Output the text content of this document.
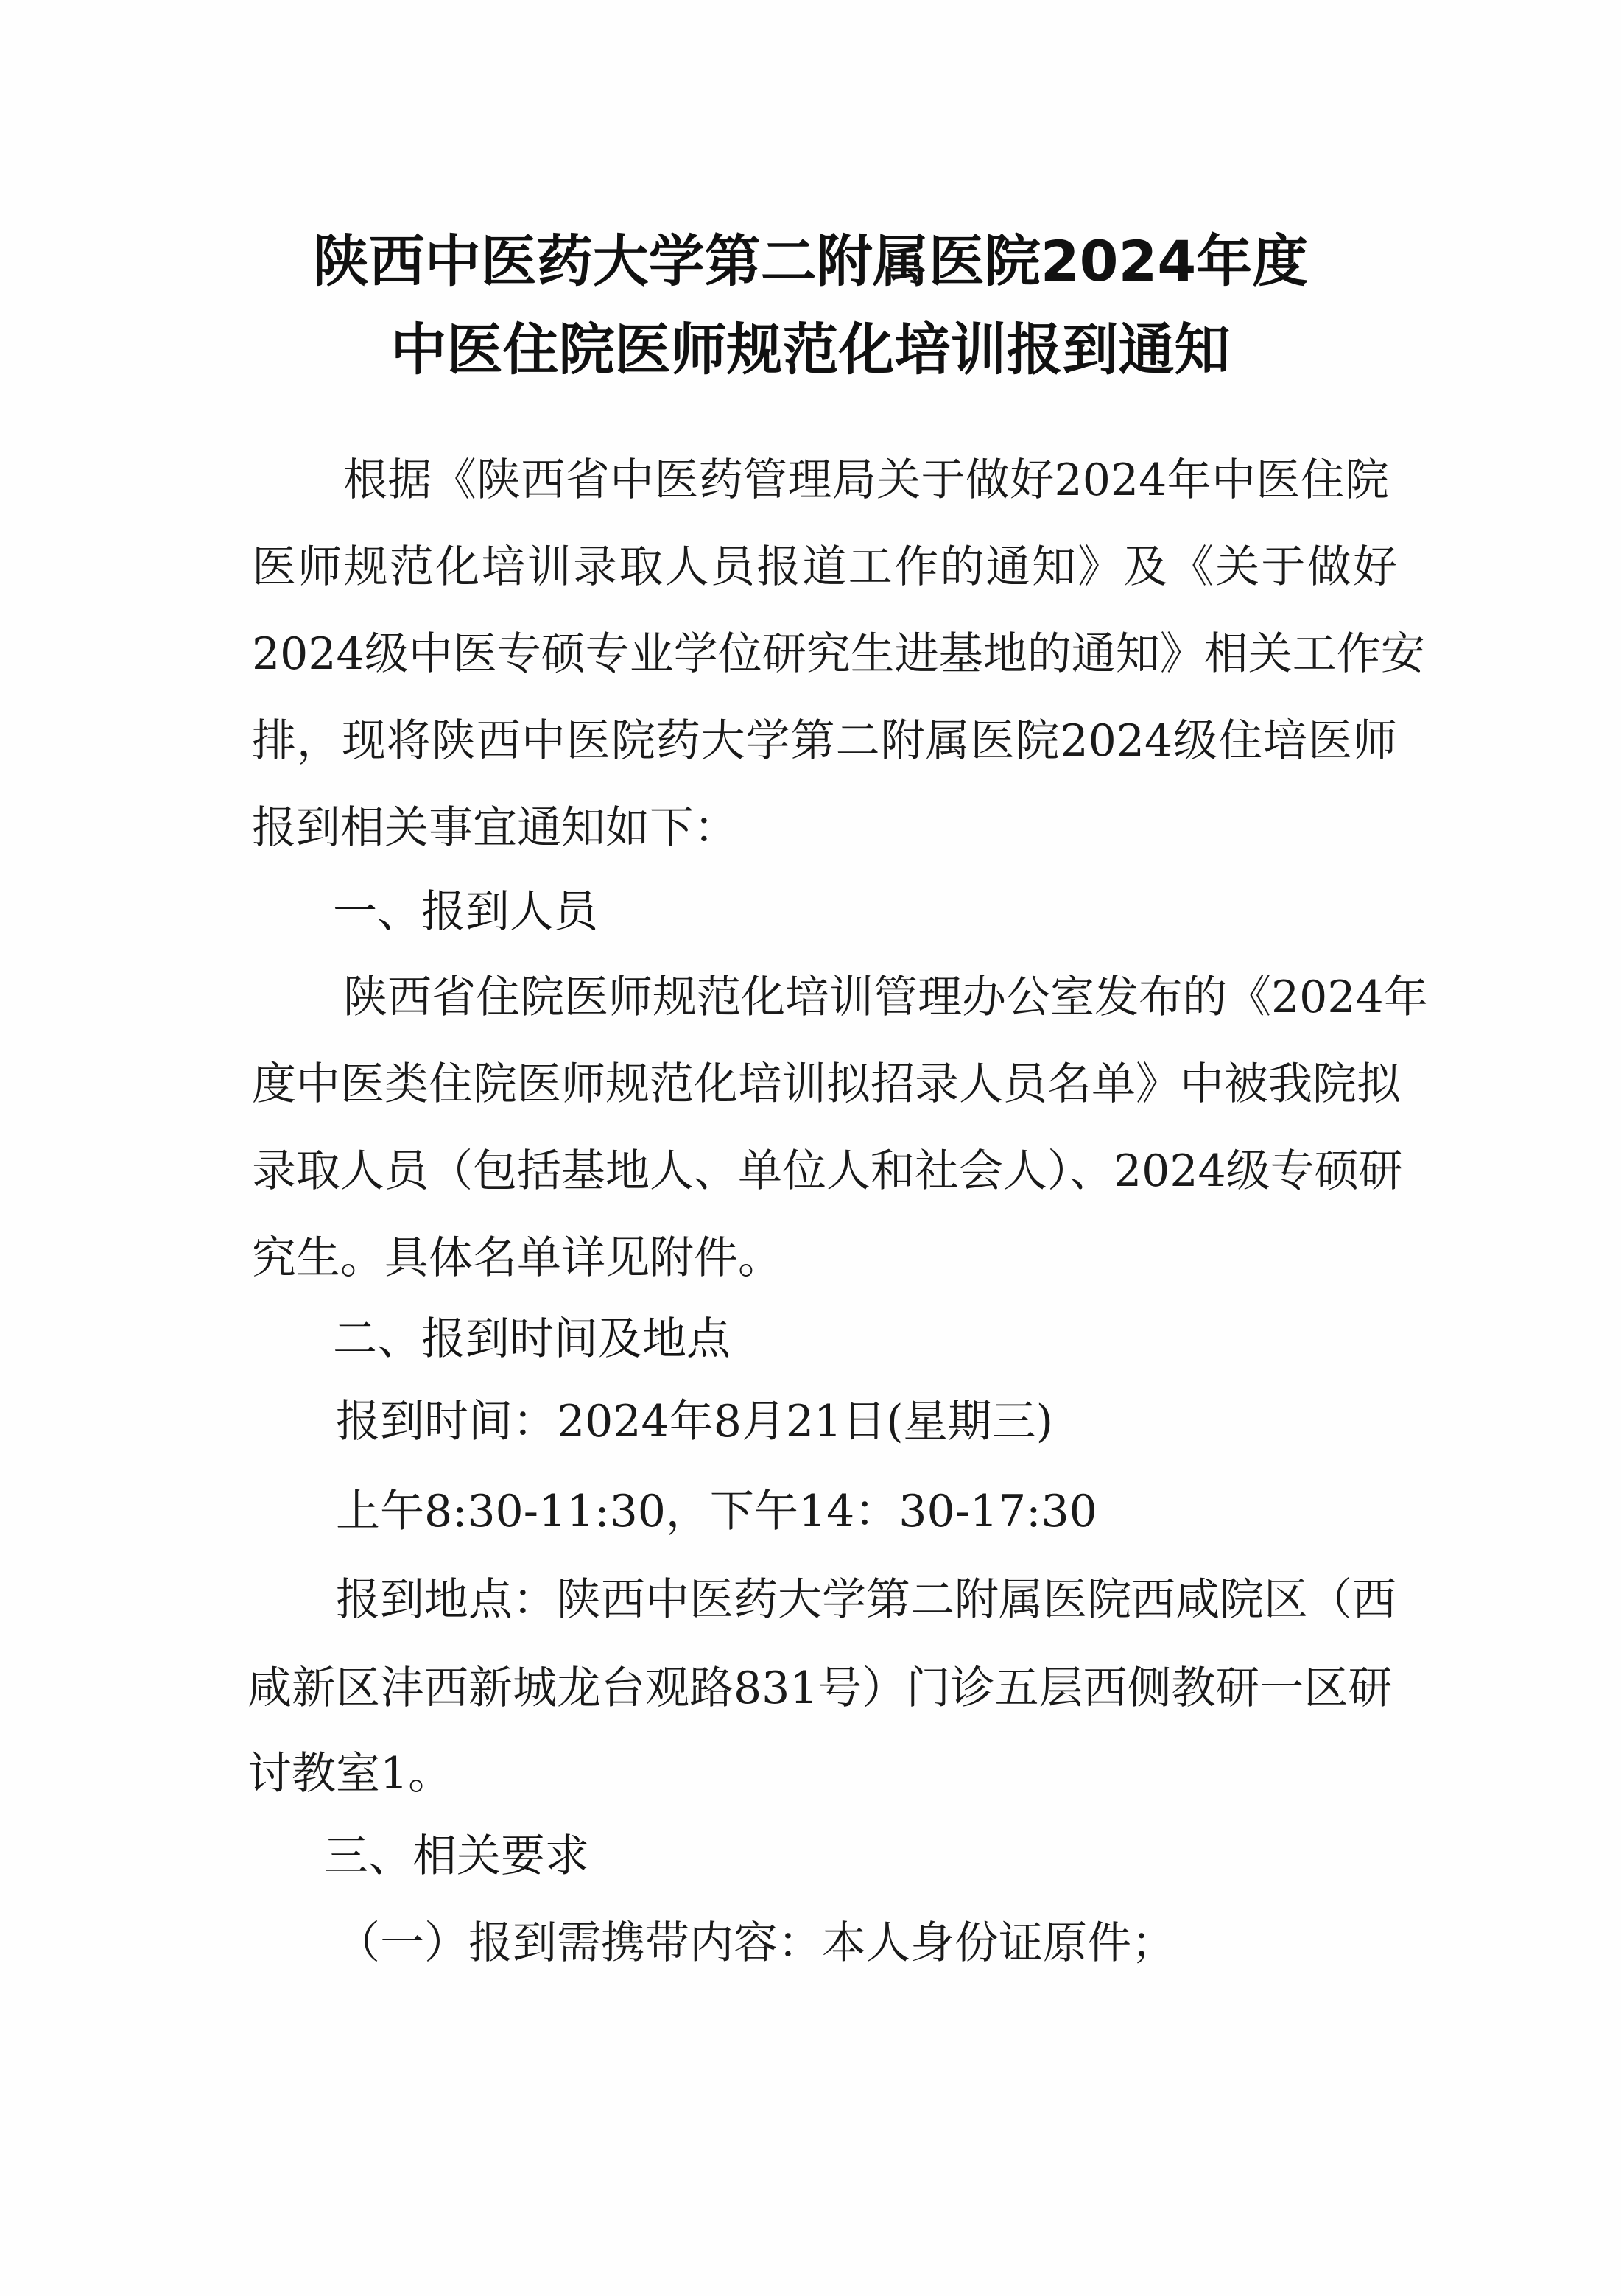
陕西中医药大学第二附属医院2024年度
中医住院医师规范化培训报到通知
根据《陕西省中医药管理局关于做好2024年中医住院
医师规范化培训录取人员报道工作的通知》及《关于做好
2024级中医专硕专业学位研究生进基地的通知》相关工作安
排，现将陕西中医院药大学第二附属医院2024级住培医师
报到相关事宜通知如下：
一、报到人员
陕西省住院医师规范化培训管理办公室发布的《2024年
度中医类住院医师规范化培训拟招录人员名单》中被我院拟
录取人员（包括基地人、单位人和社会人）、2024级专硕研
究生。具体名单详见附件。
二、报到时间及地点
报到时间：2024年8月21日(星期三)
上午8:30-11:30，下午14：30-17:30
报到地点：陕西中医药大学第二附属医院西咸院区（西
咸新区沣西新城龙台观路831号）门诊五层西侧教研一区研
讨教室1。
三、相关要求
（一）报到需携带内容：本人身份证原件；
